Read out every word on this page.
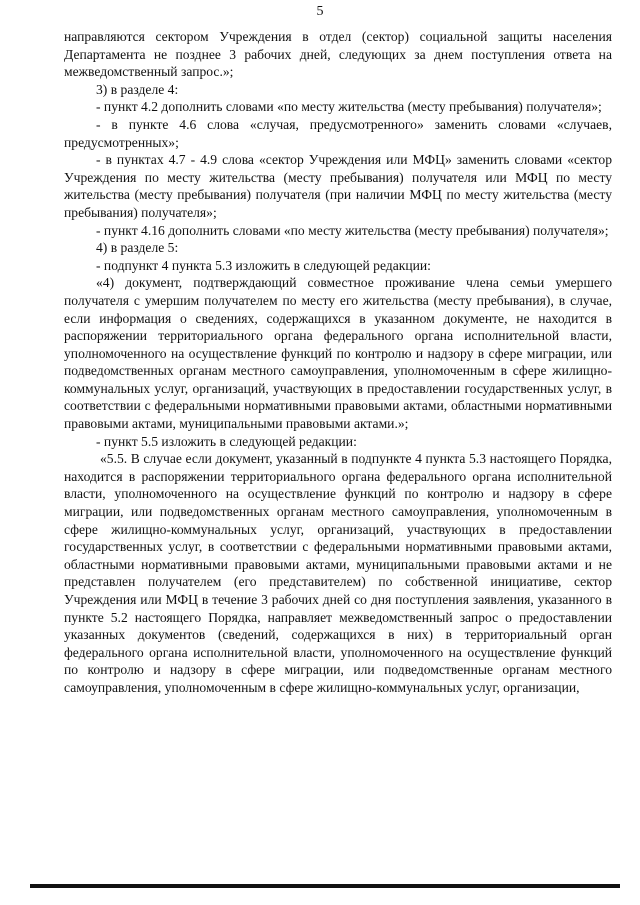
5

направляются сектором Учреждения в отдел (сектор) социальной защиты населения Департамента не позднее 3 рабочих дней, следующих за днем поступления ответа на межведомственный запрос.»;

3) в разделе 4:

- пункт 4.2 дополнить словами «по месту жительства (месту пребывания) получателя»;

- в пункте 4.6 слова «случая, предусмотренного» заменить словами «случаев, предусмотренных»;

- в пунктах 4.7 - 4.9 слова «сектор Учреждения или МФЦ» заменить словами «сектор Учреждения по месту жительства (месту пребывания) получателя или МФЦ по месту жительства (месту пребывания) получателя (при наличии МФЦ по месту жительства (месту пребывания) получателя»;

- пункт 4.16 дополнить словами «по месту жительства (месту пребывания) получателя»;

4) в разделе 5:

- подпункт 4 пункта 5.3 изложить в следующей редакции:

«4) документ, подтверждающий совместное проживание члена семьи умершего получателя с умершим получателем по месту его жительства (месту пребывания), в случае, если информация о сведениях, содержащихся в указанном документе, не находится в распоряжении территориального органа федерального органа исполнительной власти, уполномоченного на осуществление функций по контролю и надзору в сфере миграции, или подведомственных органам местного самоуправления, уполномоченным в сфере жилищно-коммунальных услуг, организаций, участвующих в предоставлении государственных услуг, в соответствии с федеральными нормативными правовыми актами, областными нормативными правовыми актами, муниципальными правовыми актами.»;

- пункт 5.5 изложить в следующей редакции:

«5.5. В случае если документ, указанный в подпункте 4 пункта 5.3 настоящего Порядка, находится в распоряжении территориального органа федерального органа исполнительной власти, уполномоченного на осуществление функций по контролю и надзору в сфере миграции, или подведомственных органам местного самоуправления, уполномоченным в сфере жилищно-коммунальных услуг, организаций, участвующих в предоставлении государственных услуг, в соответствии с федеральными нормативными правовыми актами, областными нормативными правовыми актами, муниципальными правовыми актами и не представлен получателем (его представителем) по собственной инициативе, сектор Учреждения или МФЦ в течение 3 рабочих дней со дня поступления заявления, указанного в пункте 5.2 настоящего Порядка, направляет межведомственный запрос о предоставлении указанных документов (сведений, содержащихся в них) в территориальный орган федерального органа исполнительной власти, уполномоченного на осуществление функций по контролю и надзору в сфере миграции, или подведомственные органам местного самоуправления, уполномоченным в сфере жилищно-коммунальных услуг, организации,
